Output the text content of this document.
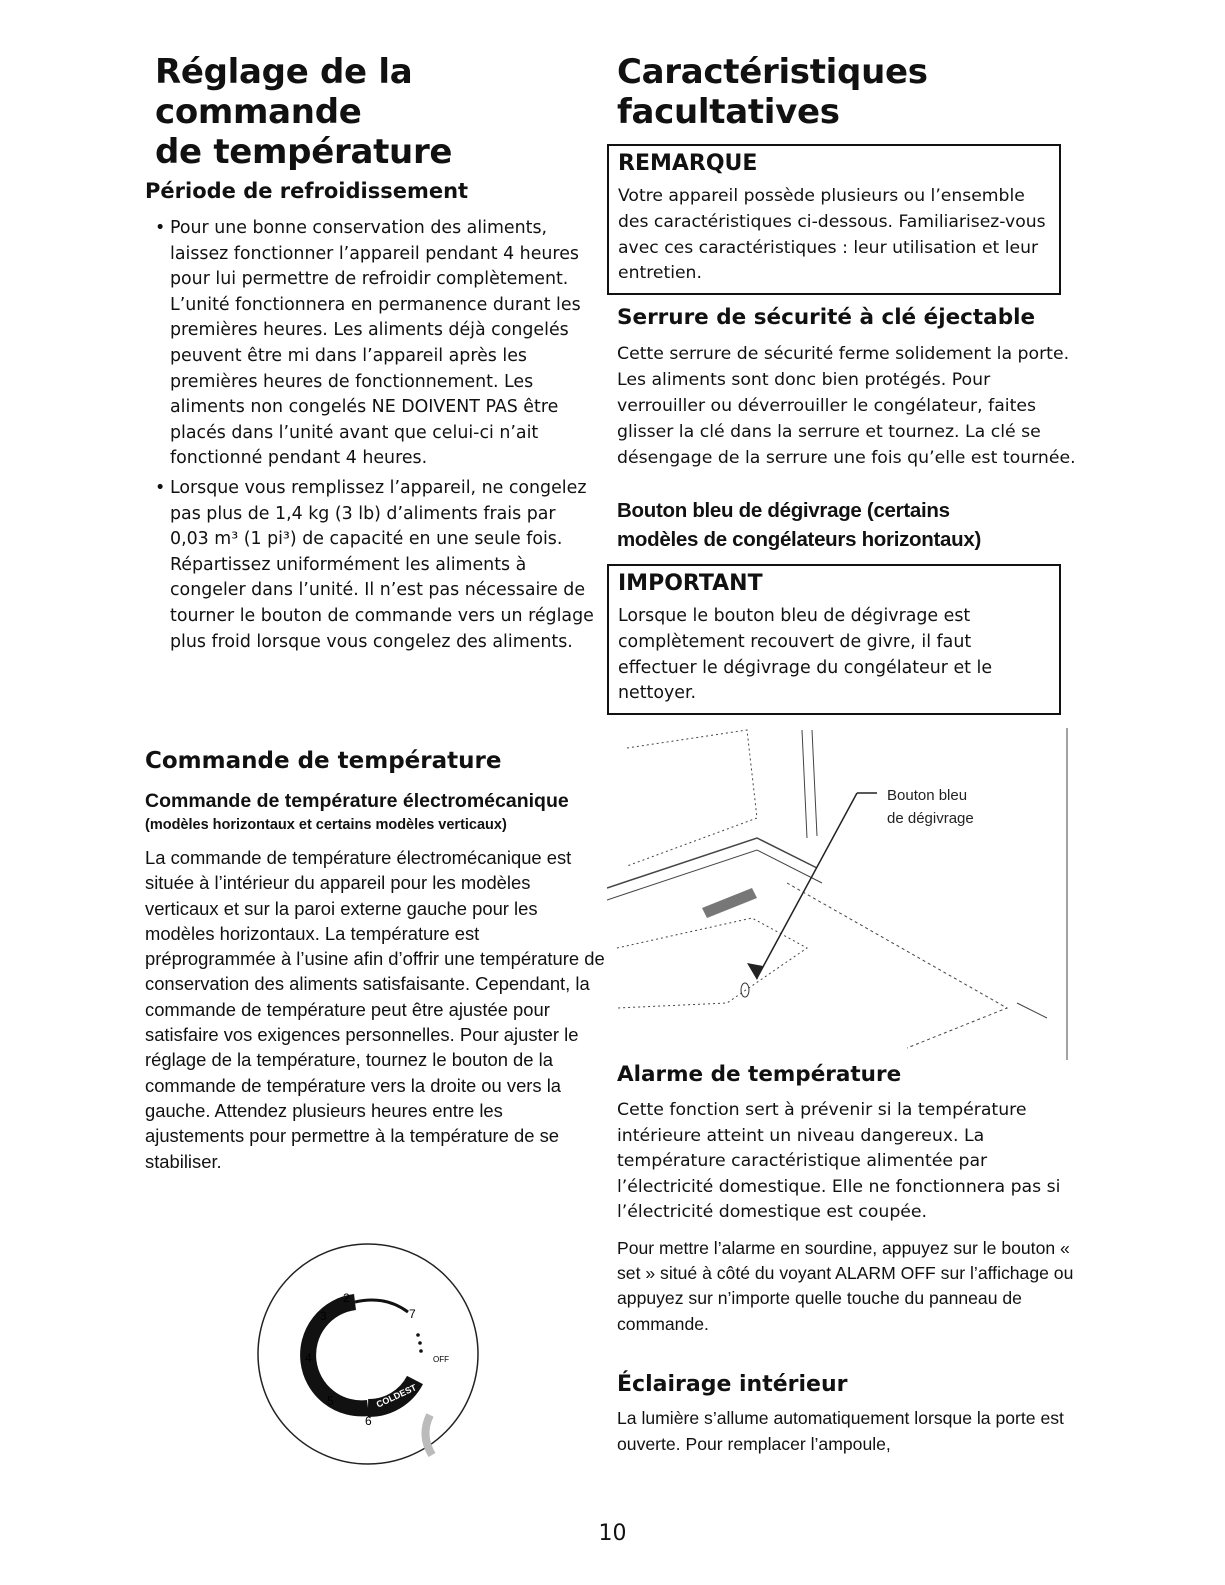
Réglage de la commande
de température
Période de refroidissement
• Pour une bonne conservation des aliments, laissez fonctionner l’appareil pendant 4 heures pour lui permettre de refroidir complètement. L’unité fonctionnera en permanence durant les premières heures. Les aliments déjà congelés peuvent être mi dans l’appareil après les premières heures de fonctionnement. Les aliments non congelés NE DOIVENT PAS être placés dans l’unité avant que celui-ci n’ait fonctionné pendant 4 heures.
• Lorsque vous remplissez l’appareil, ne congelez pas plus de 1,4 kg (3 lb) d’aliments frais par 0,03 m³ (1 pi³) de capacité en une seule fois. Répartissez uniformément les aliments à congeler dans l’unité. Il n’est pas nécessaire de tourner le bouton de commande vers un réglage plus froid lorsque vous congelez des aliments.
Commande de température

Commande de température électromécanique

(modèles horizontaux et certains modèles verticaux)

La commande de température électromécanique est située à l’intérieur du appareil pour les modèles verticaux et sur la paroi externe gauche pour les modèles horizontaux. La température est préprogrammée à l’usine afin d’offrir une température de conservation des aliments satisfaisante. Cependant, la commande de température peut être ajustée pour satisfaire vos exigences personnelles. Pour ajuster le réglage de la température, tournez le bouton de la commande de température vers la droite ou vers la gauche. Attendez plusieurs heures entre les ajustements pour permettre à la température de se stabiliser.

2
3
4
5
6
7
OFF
COLDEST
Caractéristiques
facultatives

REMARQUE

Votre appareil possède plusieurs ou l’ensemble des caractéristiques ci-dessous. Familiarisez-vous avec ces caractéristiques : leur utilisation et leur entretien.

Serrure de sécurité à clé éjectable

Cette serrure de sécurité ferme solidement la porte. Les aliments sont donc bien protégés. Pour verrouiller ou déverrouiller le congélateur, faites glisser la clé dans la serrure et tournez. La clé se désengage de la serrure une fois qu’elle est tournée.

Bouton bleu de dégivrage (certains

modèles de congélateurs horizontaux)

IMPORTANT

Lorsque le bouton bleu de dégivrage est complètement recouvert de givre, il faut effectuer le dégivrage du congélateur et le nettoyer.

Alarme de température

Cette fonction sert à prévenir si la température intérieure atteint un niveau dangereux. La température caractéristique alimentée par l’électricité domestique. Elle ne fonctionnera pas si l’électricité domestique est coupée.

Pour mettre l’alarme en sourdine, appuyez sur le bouton « set » situé à côté du voyant ALARM OFF sur l’affichage ou appuyez sur n’importe quelle touche du panneau de commande.

Éclairage intérieur

La lumière s’allume automatiquement lorsque la porte est ouverte. Pour remplacer l’ampoule,

Bouton bleu
de dégivrage
10
